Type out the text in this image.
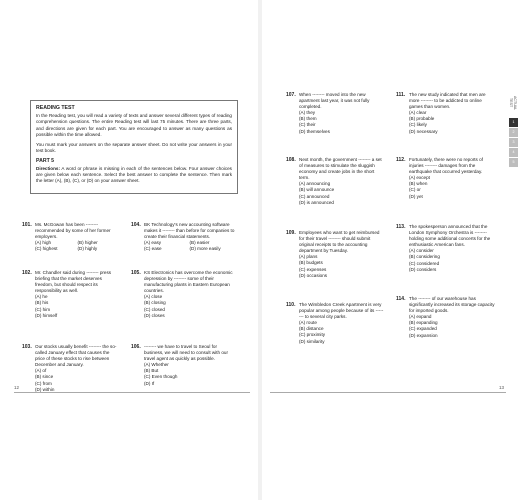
READING TEST

In the Reading test, you will read a variety of texts and answer several different types of reading comprehension questions. The entire Reading test will last 75 minutes. There are three parts, and directions are given for each part. You are encouraged to answer as many questions as possible within the time allowed.

You must mark your answers on the separate answer sheet. Do not write your answers in your test book.

PART 5

Directions: A word or phrase is missing in each of the sentences below. Four answer choices are given below each sentence. Select the best answer to complete the sentence. Then mark the letter (A), (B), (C), or (D) on your answer sheet.

101. Ms. McGowan has been -------- recommended by some of her former employers.

(A) high	(B) higher
(C) highest	(D) highly
102. Mr. Chandler said during -------- press briefing that the market deserves freedom, but should respect its responsibility as well.

(A) he
(B) his
(C) him
(D) himself
103. Our stocks usually benefit -------- the so-called January effect that causes the price of these stocks to rise between December and January.

(A) of
(B) since
(C) from
(D) within
104. BK Technology's new accounting software makes it -------- than before for companies to create their financial statements.

(A) easy	(B) easier
(C) ease	(D) more easily
105. KS Electronics has overcome the economic depression by -------- some of their manufacturing plants in Eastern European countries.

(A) close
(B) closing
(C) closed
(D) closes
106. -------- we have to travel to Seoul for business, we will need to consult with our travel agent as quickly as possible.

(A) Whether
(B) But
(C) Even though
(D) If
12
107. When -------- moved into the new apartment last year, it was not fully completed.

(A) they
(B) them
(C) their
(D) themselves
108. Next month, the government -------- a set of measures to stimulate the sluggish economy and create jobs in the short term.

(A) announcing
(B) will announce
(C) announced
(D) is announced
109. Employees who want to get reimbursed for their travel -------- should submit original receipts to the accounting department by Tuesday.

(A) plans
(B) budgets
(C) expenses
(D) occasions
110. The Wimbledon Creek Apartment is very popular among people because of its -------- to several city parks.

(A) route
(B) distance
(C) proximity
(D) similarity
111. The new study indicated that men are more -------- to be addicted to online games than women.

(A) clear
(B) probable
(C) likely
(D) necessary
112. Fortunately, there were no reports of injuries -------- damages from the earthquake that occurred yesterday.

(A) except
(B) when
(C) or
(D) yet
113. The spokesperson announced that the London Symphony Orchestra is -------- holding some additional concerts for the enthusiastic American fans.

(A) consider
(B) considering
(C) considered
(D) considers
114. The -------- of our warehouse has significantly increased its storage capacity for imported goods.

(A) expand
(B) expanding
(C) expanded
(D) expansion
ACTUAL TEST
1
2
3
4
5
13
